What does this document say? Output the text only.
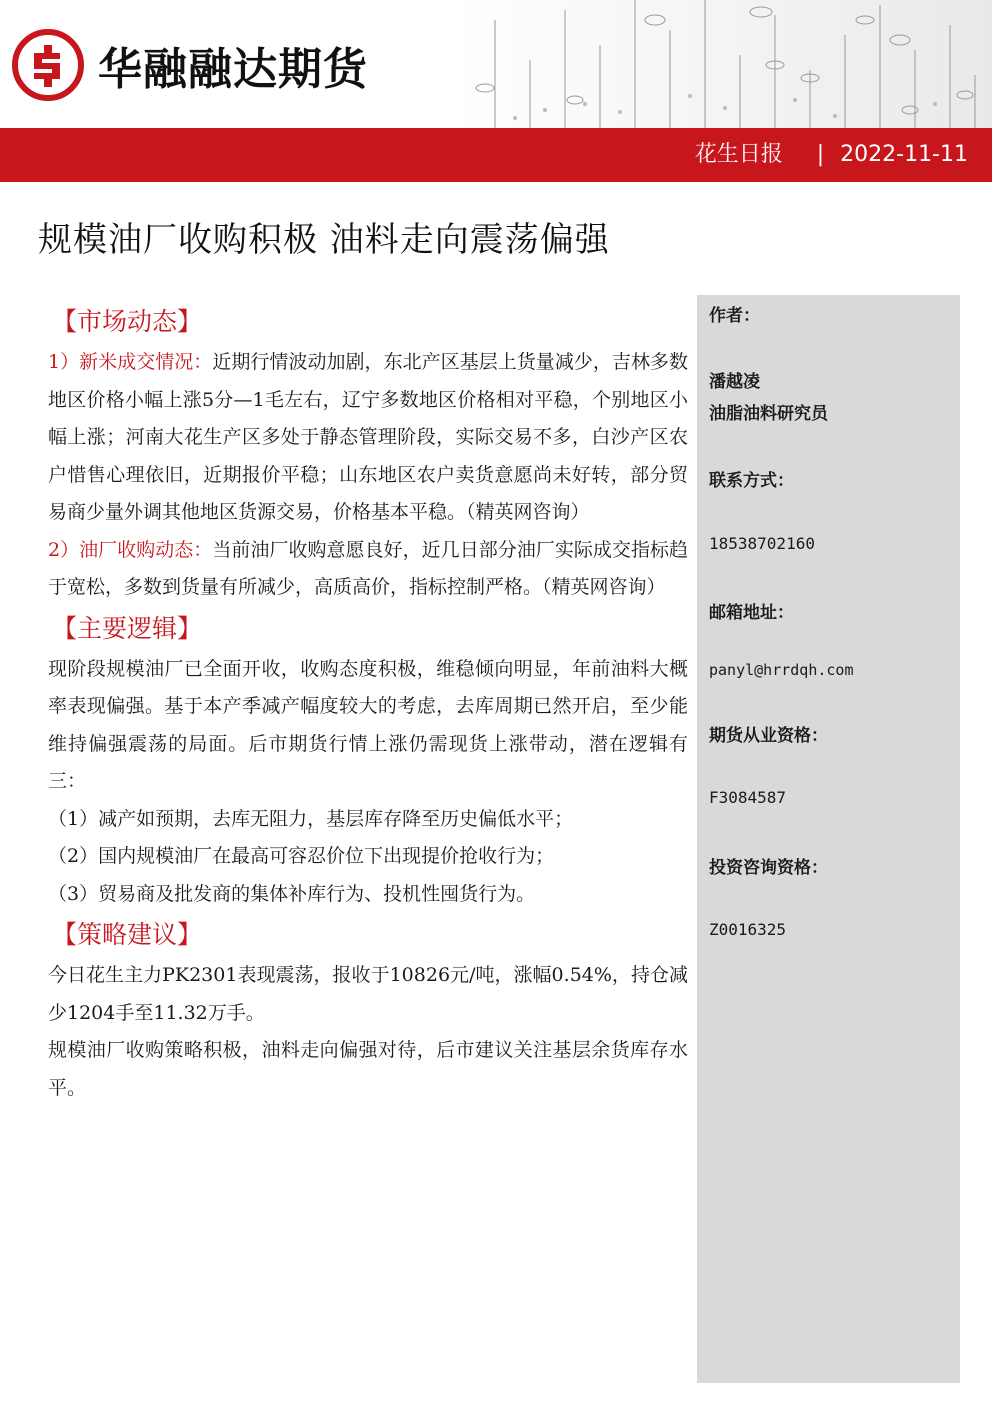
华融融达期货
花生日报 | 2022-11-11
规模油厂收购积极 油料走向震荡偏强
【市场动态】

1）新米成交情况：近期行情波动加剧，东北产区基层上货量减少，吉林多数地区价格小幅上涨5分—1毛左右，辽宁多数地区价格相对平稳，个别地区小幅上涨；河南大花生产区多处于静态管理阶段，实际交易不多，白沙产区农户惜售心理依旧，近期报价平稳；山东地区农户卖货意愿尚未好转，部分贸易商少量外调其他地区货源交易，价格基本平稳。（精英网咨询）

2）油厂收购动态：当前油厂收购意愿良好，近几日部分油厂实际成交指标趋于宽松，多数到货量有所减少，高质高价，指标控制严格。（精英网咨询）

【主要逻辑】

现阶段规模油厂已全面开收，收购态度积极，维稳倾向明显，年前油料大概率表现偏强。基于本产季减产幅度较大的考虑，去库周期已然开启，至少能维持偏强震荡的局面。后市期货行情上涨仍需现货上涨带动，潜在逻辑有三：

（1）减产如预期，去库无阻力，基层库存降至历史偏低水平；

（2）国内规模油厂在最高可容忍价位下出现提价抢收行为；

（3）贸易商及批发商的集体补库行为、投机性囤货行为。

【策略建议】

今日花生主力PK2301表现震荡，报收于10826元/吨，涨幅0.54%，持仓减少1204手至11.32万手。

规模油厂收购策略积极，油料走向偏强对待，后市建议关注基层余货库存水平。

作者：
潘越凌
油脂油料研究员
联系方式：
18538702160
邮箱地址：
panyl@hrrdqh.com
期货从业资格：
F3084587
投资咨询资格：
Z0016325
